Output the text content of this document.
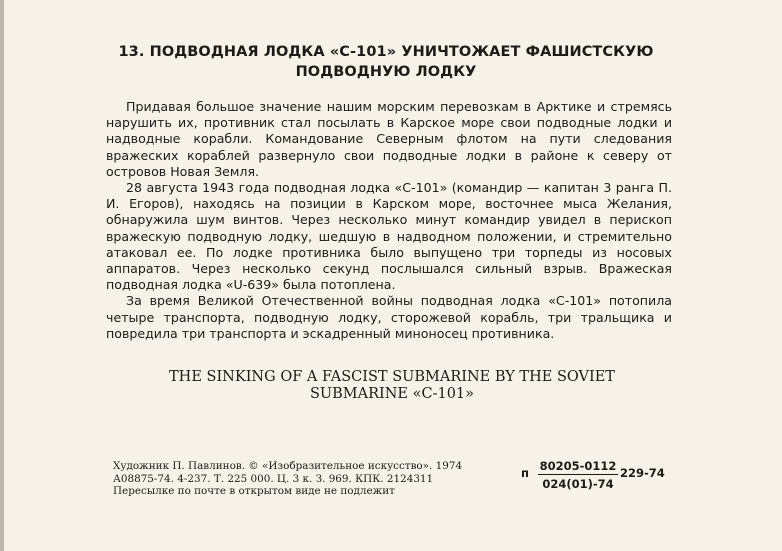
13. ПОДВОДНАЯ ЛОДКА «С-101» УНИЧТОЖАЕТ ФАШИСТСКУЮ
ПОДВОДНУЮ ЛОДКУ

Придавая большое значение нашим морским перевозкам в Арктике и стремясь нарушить их, противник стал посылать в Карское море свои подводные лодки и надводные корабли. Командование Северным флотом на пути следования вражеских кораблей развернуло свои подводные лодки в районе к северу от островов Новая Земля.

28 августа 1943 года подводная лодка «С-101» (командир — капитан 3 ранга П. И. Егоров), находясь на позиции в Карском море, восточнее мыса Желания, обнаружила шум винтов. Через несколько минут командир увидел в перископ вражескую подводную лодку, шедшую в надводном положении, и стремительно атаковал ее. По лодке противника было выпущено три торпеды из носовых аппаратов. Через несколько секунд послышался сильный взрыв. Вражеская подводная лодка «U-639» была потоплена.

За время Великой Отечественной войны подводная лодка «С-101» потопила четыре транспорта, подводную лодку, сторожевой корабль, три тральщика и повредила три транспорта и эскадренный миноносец противника.

THE SINKING OF A FASCIST SUBMARINE BY THE SOVIET
SUBMARINE «С-101»
Художник П. Павлинов. © «Изобразительное искусство». 1974
А08875-74. 4-237. Т. 225 000. Ц. 3 к. З. 969. КПК. 2124311
Пересылке по почте в открытом виде не подлежит
п 80205-0112
024(01)-74
229-74
